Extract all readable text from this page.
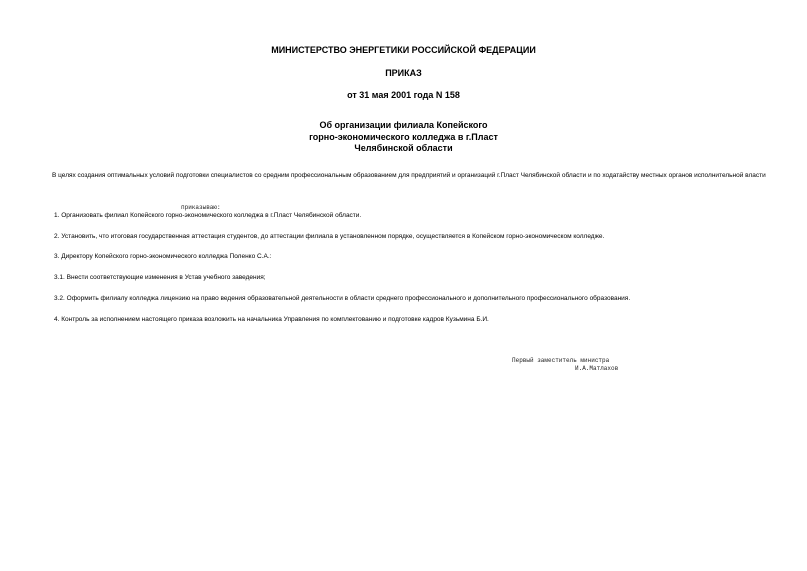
МИНИСТЕРСТВО ЭНЕРГЕТИКИ РОССИЙСКОЙ ФЕДЕРАЦИИ
ПРИКАЗ
от 31 мая 2001 года N 158
Об организации филиала Копейского
горно-экономического колледжа в г.Пласт
Челябинской области
В целях создания оптимальных условий подготовки специалистов со средним профессиональным образованием для предприятий и организаций г.Пласт Челябинской области и по ходатайству местных органов исполнительной власти
приказываю:
1. Организовать филиал Копейского горно-экономического колледжа в г.Пласт Челябинской области.
2. Установить, что итоговая государственная аттестация студентов, до аттестации филиала в установленном порядке, осуществляется в Копейском горно-экономическом колледже.
3. Директору Копейского горно-экономического колледжа Поленко С.А.:
3.1. Внести соответствующие изменения в Устав учебного заведения;
3.2. Оформить филиалу колледжа лицензию на право ведения образовательной деятельности в области среднего профессионального и дополнительного профессионального образования.
4. Контроль за исполнением настоящего приказа возложить на начальника Управления по комплектованию и подготовке кадров Кузьмина Б.И.
Первый заместитель министра
И.А.Матлахов
